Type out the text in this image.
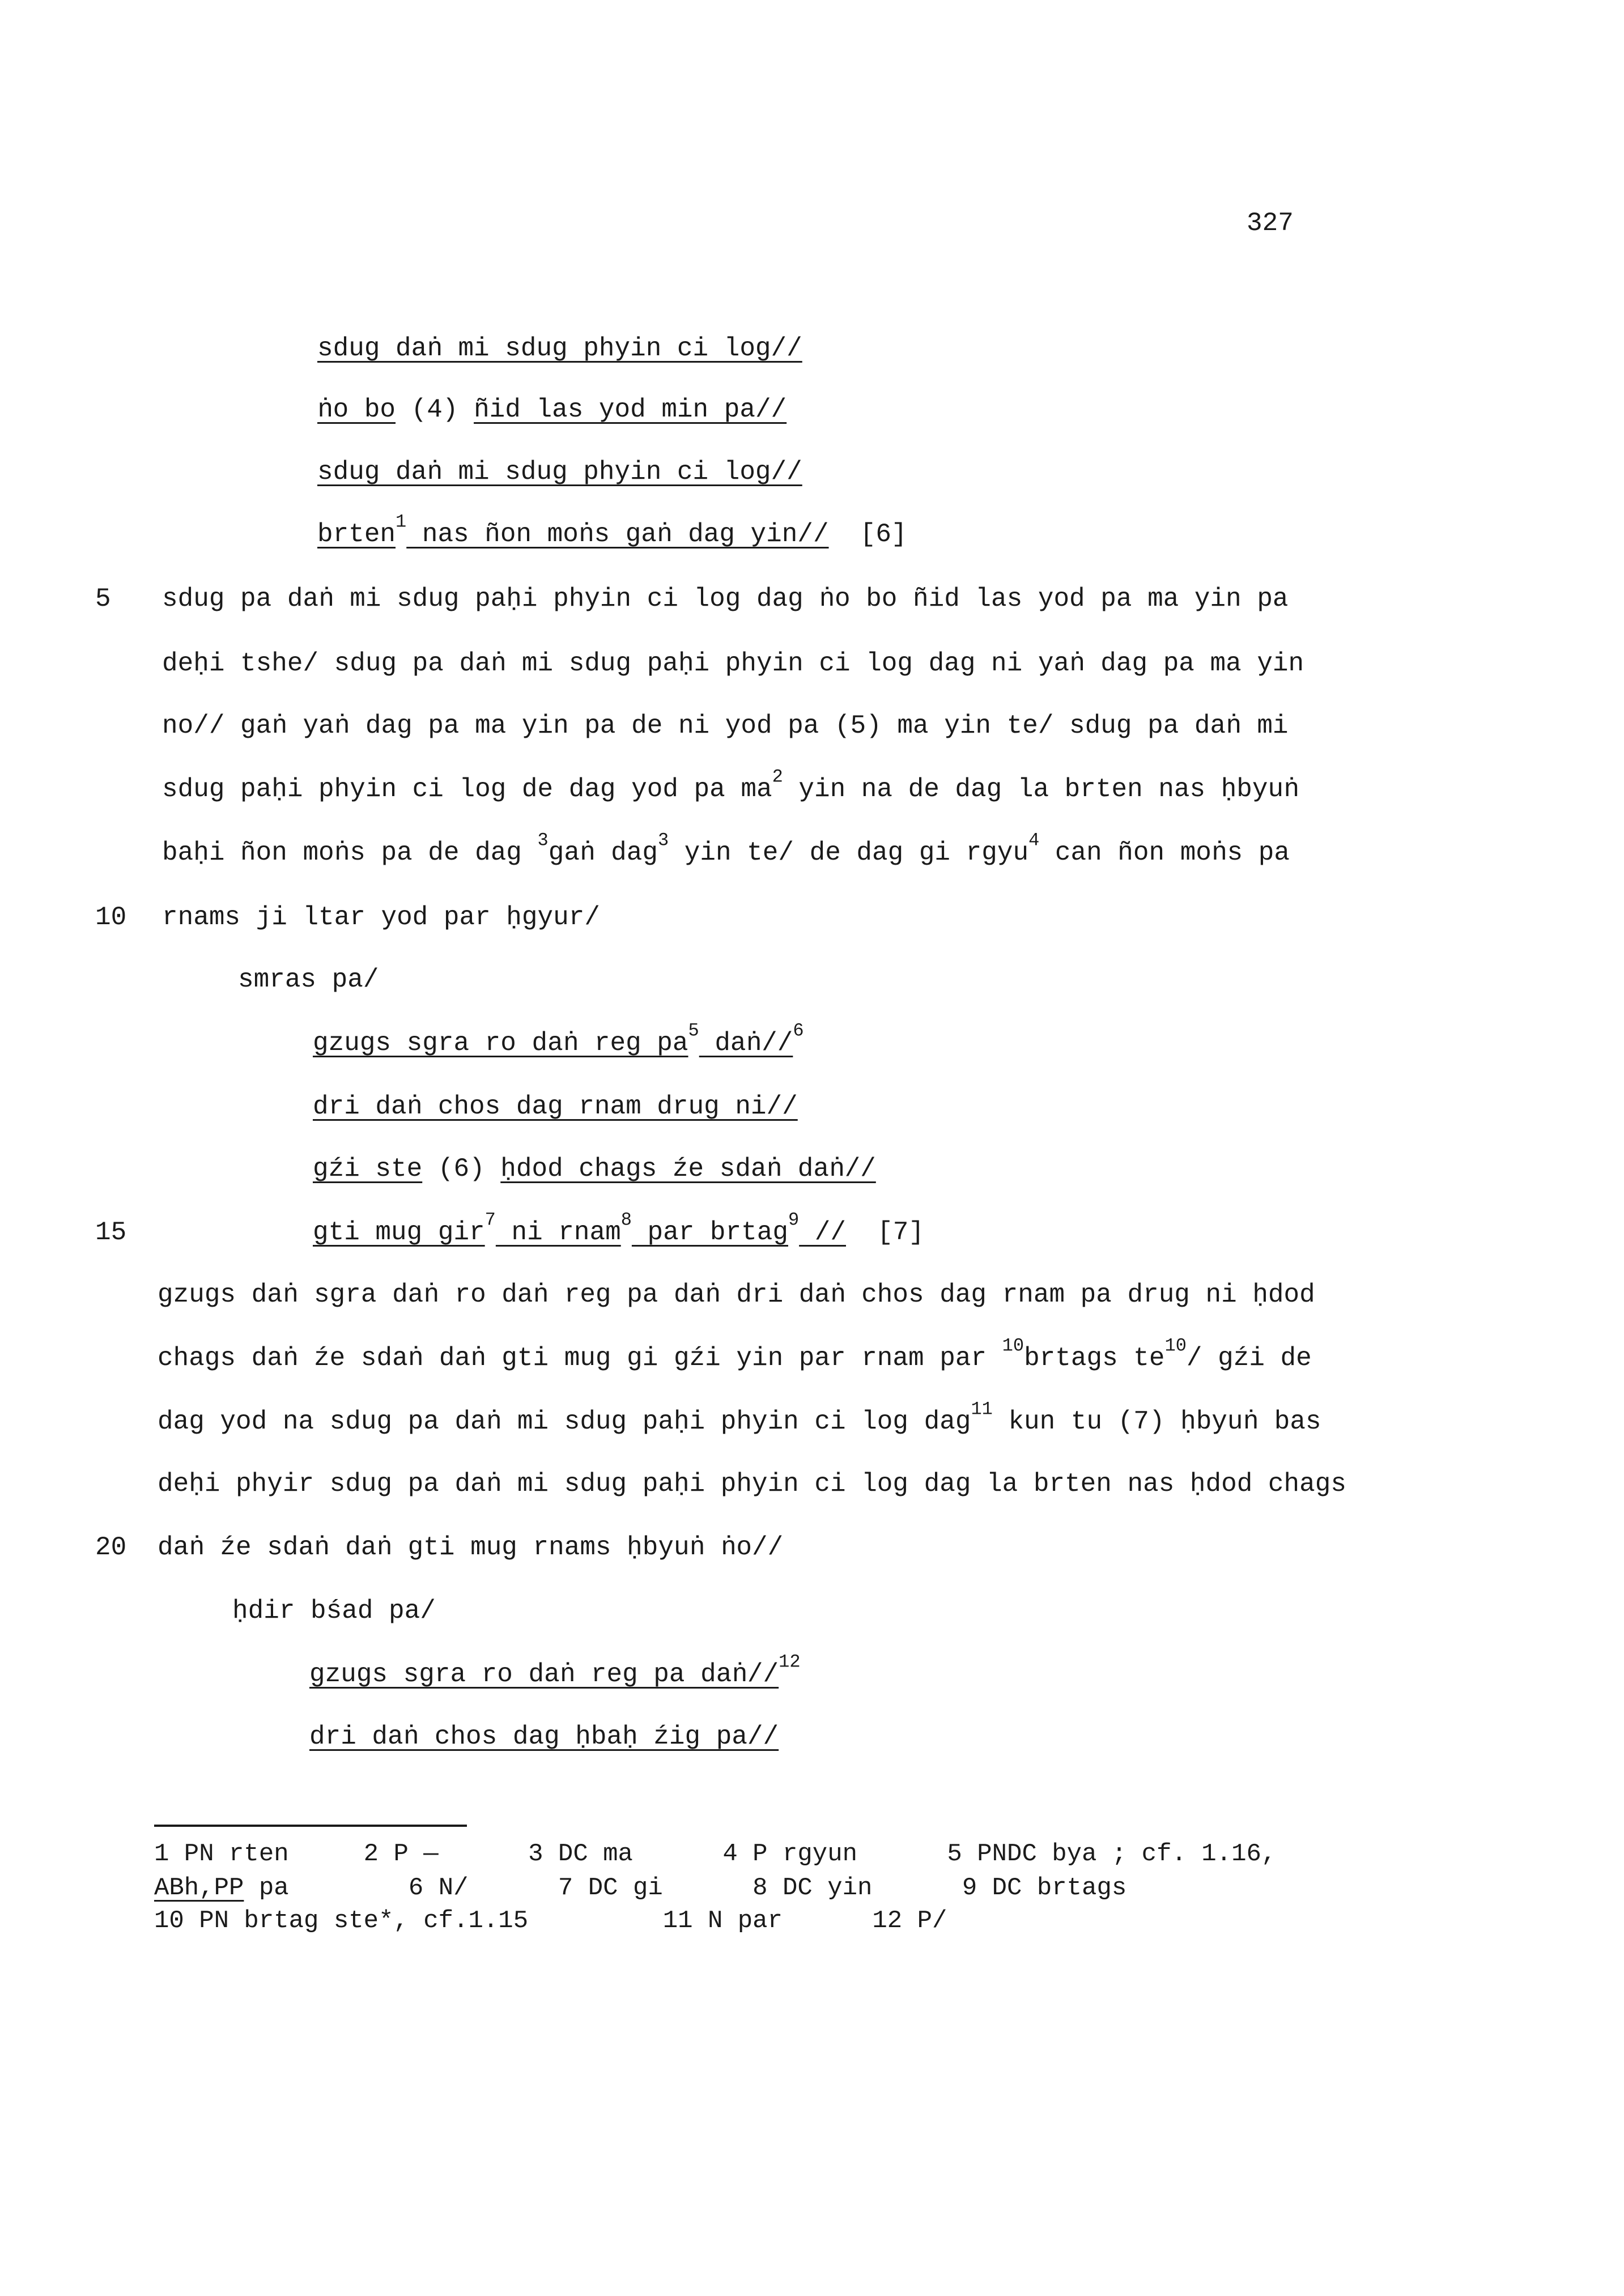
327
sdug daṅ mi sdug phyin ci log//
ṅo bo (4) ñid las yod min pa//
sdug daṅ mi sdug phyin ci log//
brten$^1$ nas ñon moṅs gaṅ dag yin//  [6]
sdug pa daṅ mi sdug paḥi phyin ci log dag ṅo bo ñid las yod pa ma yin pa
5
deḥi tshe/ sdug pa daṅ mi sdug paḥi phyin ci log dag ni yaṅ dag pa ma yin
no// gaṅ yaṅ dag pa ma yin pa de ni yod pa (5) ma yin te/ sdug pa daṅ mi
sdug paḥi phyin ci log de dag yod pa $ma^2$ yin na de dag la brten nas ḥbyuṅ
baḥi ñon moṅs pa de dag $^3$gaṅ dag$^3$ yin te/ de dag gi rgyu$^4$ can ñon moṅs pa
rnams ji ltar yod par ḥgyur/
10
smras pa/
gzugs sgra ro daṅ reg $pa^5$ daṅ//$^6$
dri daṅ chos dag rnam drug ni//
gźi ste (6) ḥdod chags źe sdaṅ daṅ//
gti mug gir$^7$ ni rnam$^8$ par brtag$^9$ //  [7]
15
gzugs daṅ sgra daṅ ro daṅ reg pa daṅ dri daṅ chos dag rnam pa drug ni ḥdod
chags daṅ źe sdaṅ daṅ gti mug gi gźi yin par rnam par $^{10}$brtags $te^{10}/$ gźi de
dag yod na sdug pa daṅ mi sdug paḥi phyin ci log dag$^{11}$ kun tu (7) ḥbyuṅ bas
deḥi phyir sdug pa daṅ mi sdug paḥi phyin ci log dag la brten nas ḥdod chags
daṅ źe sdaṅ daṅ gti mug rnams ḥbyuṅ ṅo//
20
ḥdir bśad pa/
gzugs sgra ro daṅ reg pa daṅ//$^{12}$
dri daṅ chos dag ḥbaḥ źig pa//
1 PN rten     2 P —      3 DC ma      4 P rgyun      5 PNDC bya ; cf. 1.16,
ABh,PP pa        6 N/      7 DC gi      8 DC yin      9 DC brtags
10 PN brtag ste*, cf.1.15         11 N par      12 P/
